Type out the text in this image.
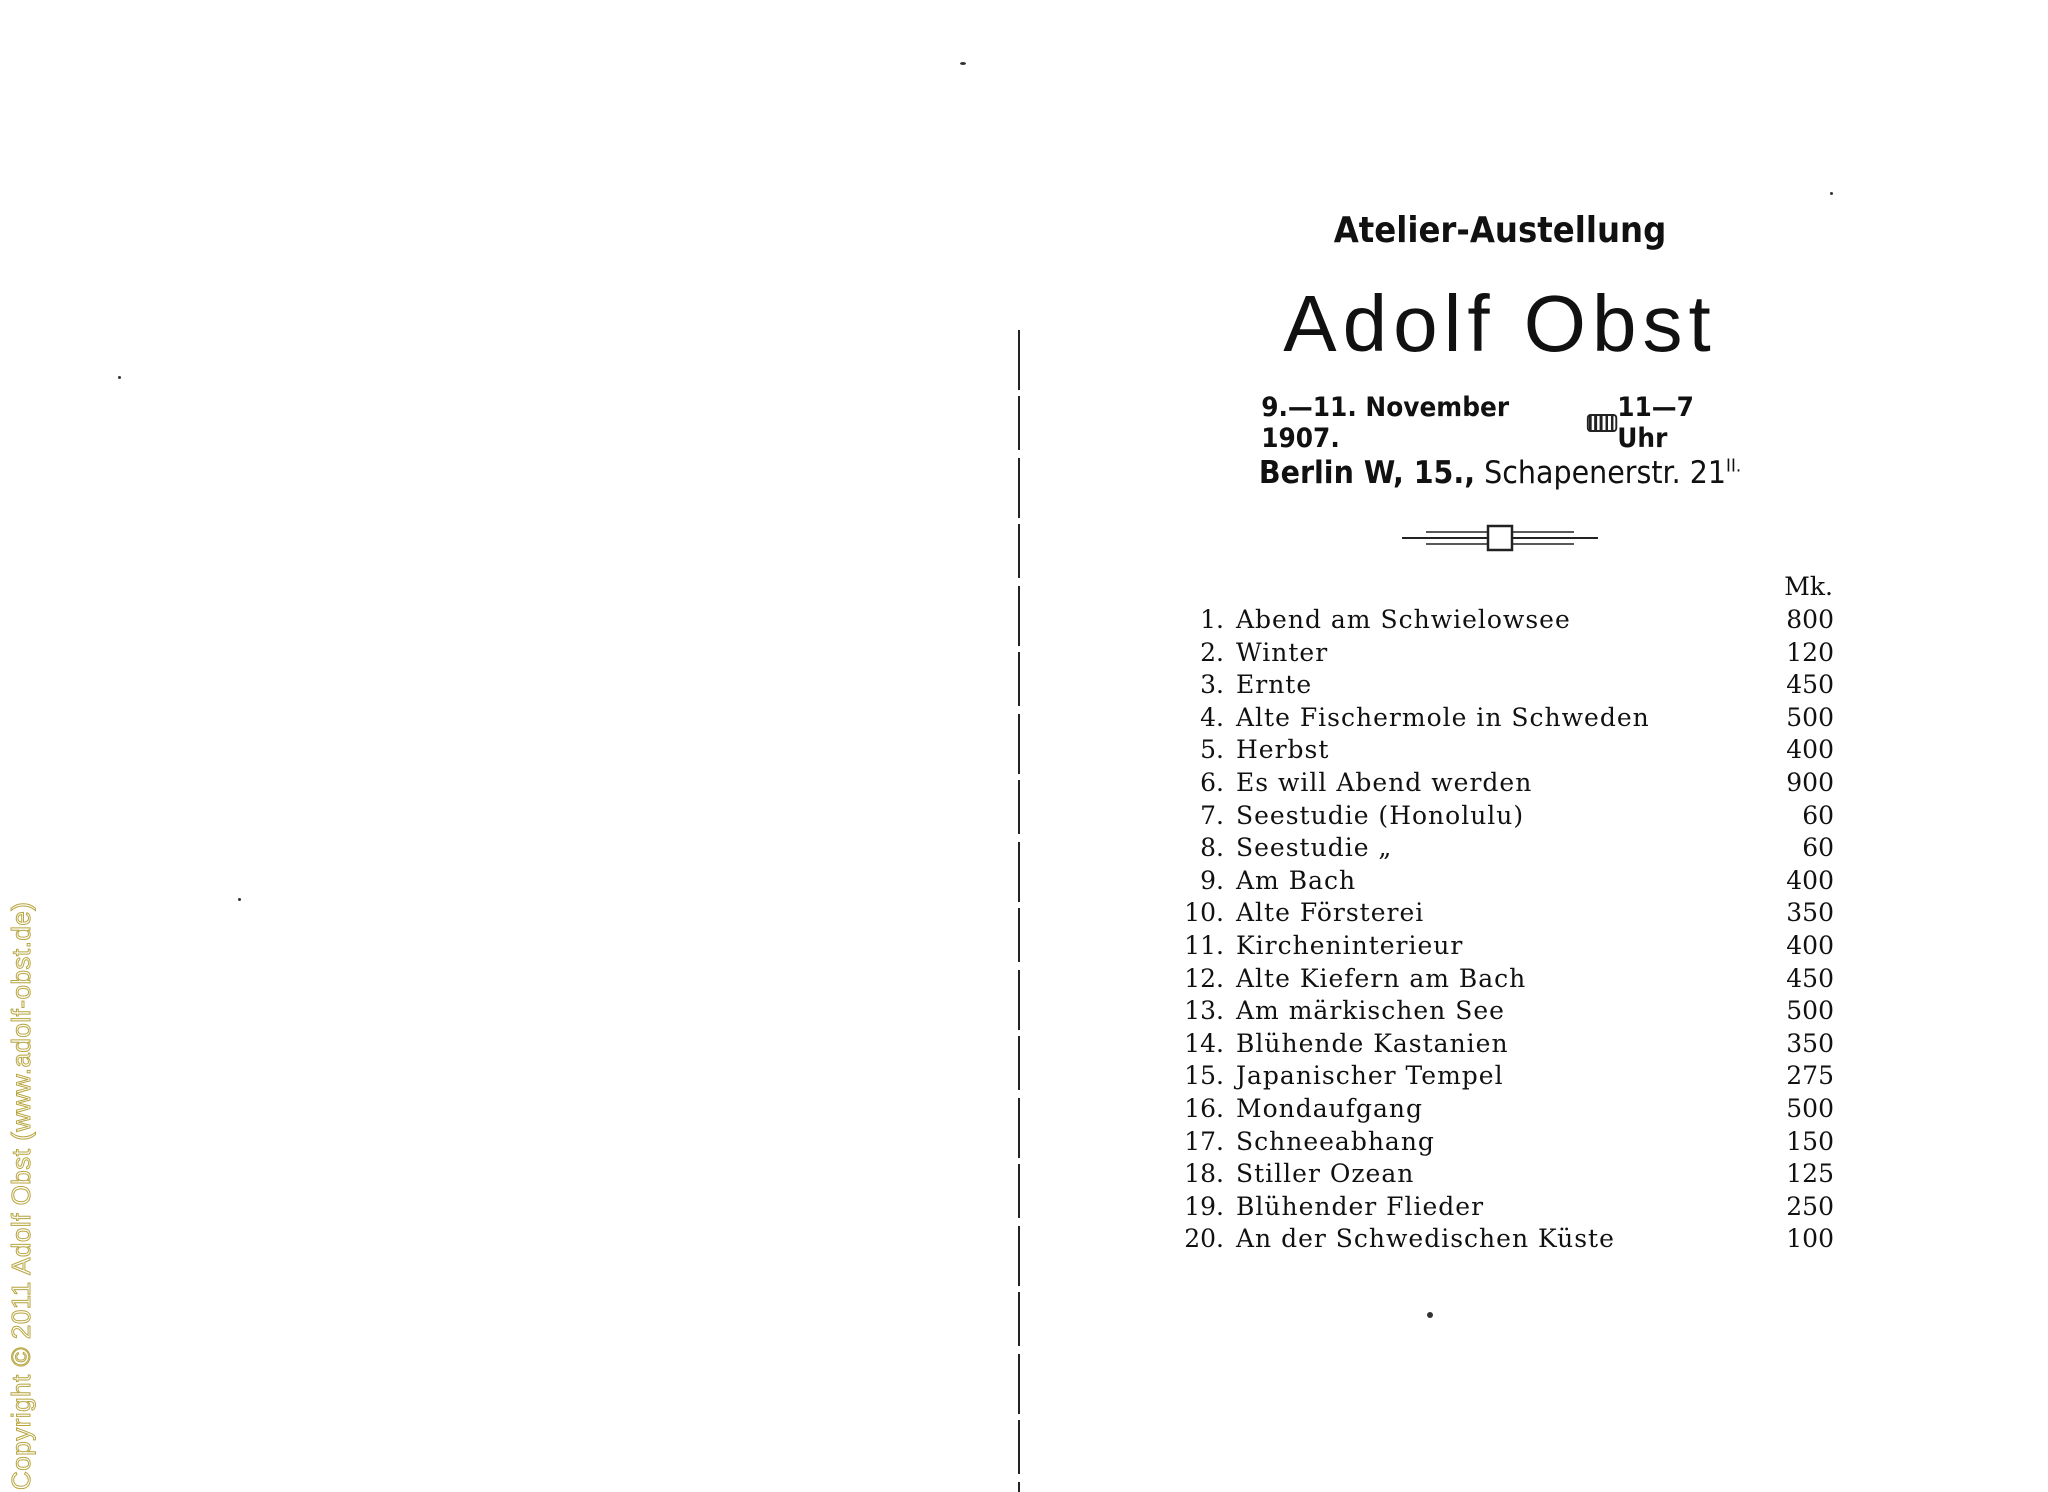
Copyright © 2011 Adolf Obst (www.adolf-obst.de)
Atelier-Austellung
Adolf Obst
9.—11. November 1907.
11—7 Uhr
Berlin W, 15., Schapenerstr. $21^{II.}$
Mk.
1. Abend am Schwielowsee	800
2. Winter	120
3. Ernte	450
4. Alte Fischermole in Schweden	500
5. Herbst	400
6. Es will Abend werden	900
7. Seestudie (Honolulu)	60
8. Seestudie „	60
9. Am Bach	400
10. Alte Försterei	350
11. Kircheninterieur	400
12. Alte Kiefern am Bach	450
13. Am märkischen See	500
14. Blühende Kastanien	350
15. Japanischer Tempel	275
16. Mondaufgang	500
17. Schneeabhang	150
18. Stiller Ozean	125
19. Blühender Flieder	250
20. An der Schwedischen Küste	100
